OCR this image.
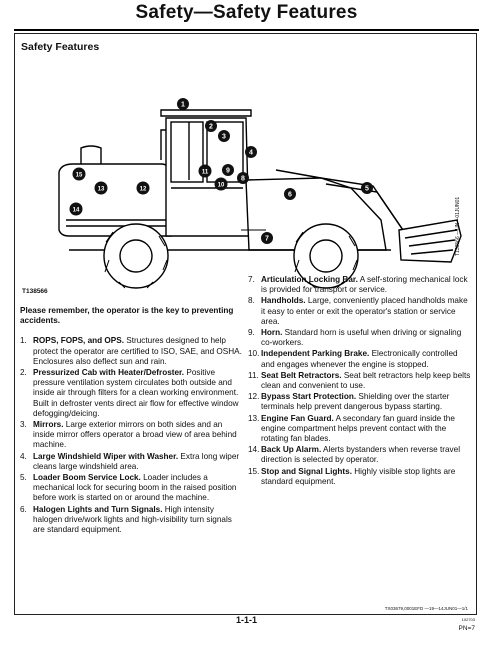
Safety—Safety Features
Safety Features
1
2
3
4
5
6
7
8
9
10
11
12
13
14
15
T138566
T138566 —UN—01JUN01
Please remember, the operator is the key to preventing accidents.
1. ROPS, FOPS, and OPS. Structures designed to help protect the operator are certified to ISO, SAE, and OSHA. Enclosures also deflect sun and rain.
2. Pressurized Cab with Heater/Defroster. Positive pressure ventilation system circulates both outside and inside air through filters for a clean working environment. Built in defroster vents direct air flow for effective window defogging/deicing.
3. Mirrors. Large exterior mirrors on both sides and an inside mirror offers operator a broad view of area behind machine.
4. Large Windshield Wiper with Washer. Extra long wiper cleans large windshield area.
5. Loader Boom Service Lock. Loader includes a mechanical lock for securing boom in the raised position before work is started on or around the machine.
6. Halogen Lights and Turn Signals. High intensity halogen drive/work lights and high-visibility turn signals are standard equipment.
7. Articulation Locking Bar. A self-storing mechanical lock is provided for transport or service.
8. Handholds. Large, conveniently placed handholds make it easy to enter or exit the operator's station or service area.
9. Horn. Standard horn is useful when driving or signaling co-workers.
10. Independent Parking Brake. Electronically controlled and engages whenever the engine is stopped.
11. Seat Belt Retractors. Seat belt retractors help keep belts clean and convenient to use.
12. Bypass Start Protection. Shielding over the starter terminals help prevent dangerous bypass starting.
13. Engine Fan Guard. A secondary fan guard inside the engine compartment helps prevent contact with the rotating fan blades.
14. Back Up Alarm. Alerts bystanders when reverse travel direction is selected by operator.
15. Stop and Signal Lights. Highly visible stop lights are standard equipment.
TX03679,0001EFD —19—14JUN01—1/1
1-1-1	102703
PN=7
